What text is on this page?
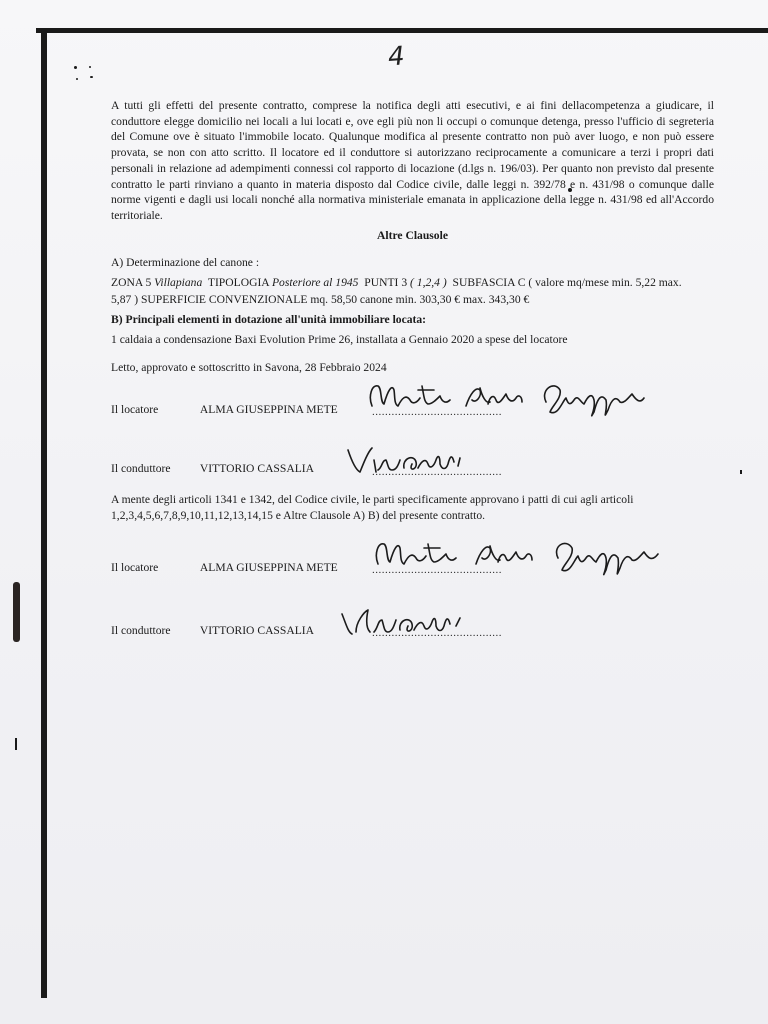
4
A tutti gli effetti del presente contratto, comprese la notifica degli atti esecutivi, e ai fini dellacompetenza a giudicare, il conduttore elegge domicilio nei locali a lui locati e, ove egli più non li occupi o comunque detenga, presso l'ufficio di segreteria del Comune ove è situato l'immobile locato. Qualunque modifica al presente contratto non può aver luogo, e non può essere provata, se non con atto scritto. Il locatore ed il conduttore si autorizzano reciprocamente a comunicare a terzi i propri dati personali in relazione ad adempimenti connessi col rapporto di locazione (d.lgs n. 196/03). Per quanto non previsto dal presente contratto le parti rinviano a quanto in materia disposto dal Codice civile, dalle leggi n. 392/78 e n. 431/98 o comunque dalle norme vigenti e dagli usi locali nonché alla normativa ministeriale emanata in applicazione della legge n. 431/98 ed all'Accordo territoriale.
Altre Clausole
A) Determinazione del canone :
ZONA 5 Villapiana TIPOLOGIA Posteriore al 1945 PUNTI 3 ( 1,2,4 ) SUBFASCIA C ( valore mq/mese min. 5,22 max.
5,87 ) SUPERFICIE CONVENZIONALE mq. 58,50 canone min. 303,30 € max. 343,30 €
B) Principali elementi in dotazione all'unità immobiliare locata:
1 caldaia a condensazione Baxi Evolution Prime 26, installata a Gennaio 2020 a spese del locatore
Letto, approvato e sottoscritto in Savona, 28 Febbraio 2024
Il locatore	ALMA GIUSEPPINA METE	........................................
Il conduttore	VITTORIO CASSALIA	........................................
A mente degli articoli 1341 e 1342, del Codice civile, le parti specificamente approvano i patti di cui agli articoli 1,2,3,4,5,6,7,8,9,10,11,12,13,14,15 e Altre Clausole A) B) del presente contratto.
Il locatore	ALMA GIUSEPPINA METE	........................................
Il conduttore	VITTORIO CASSALIA	........................................
